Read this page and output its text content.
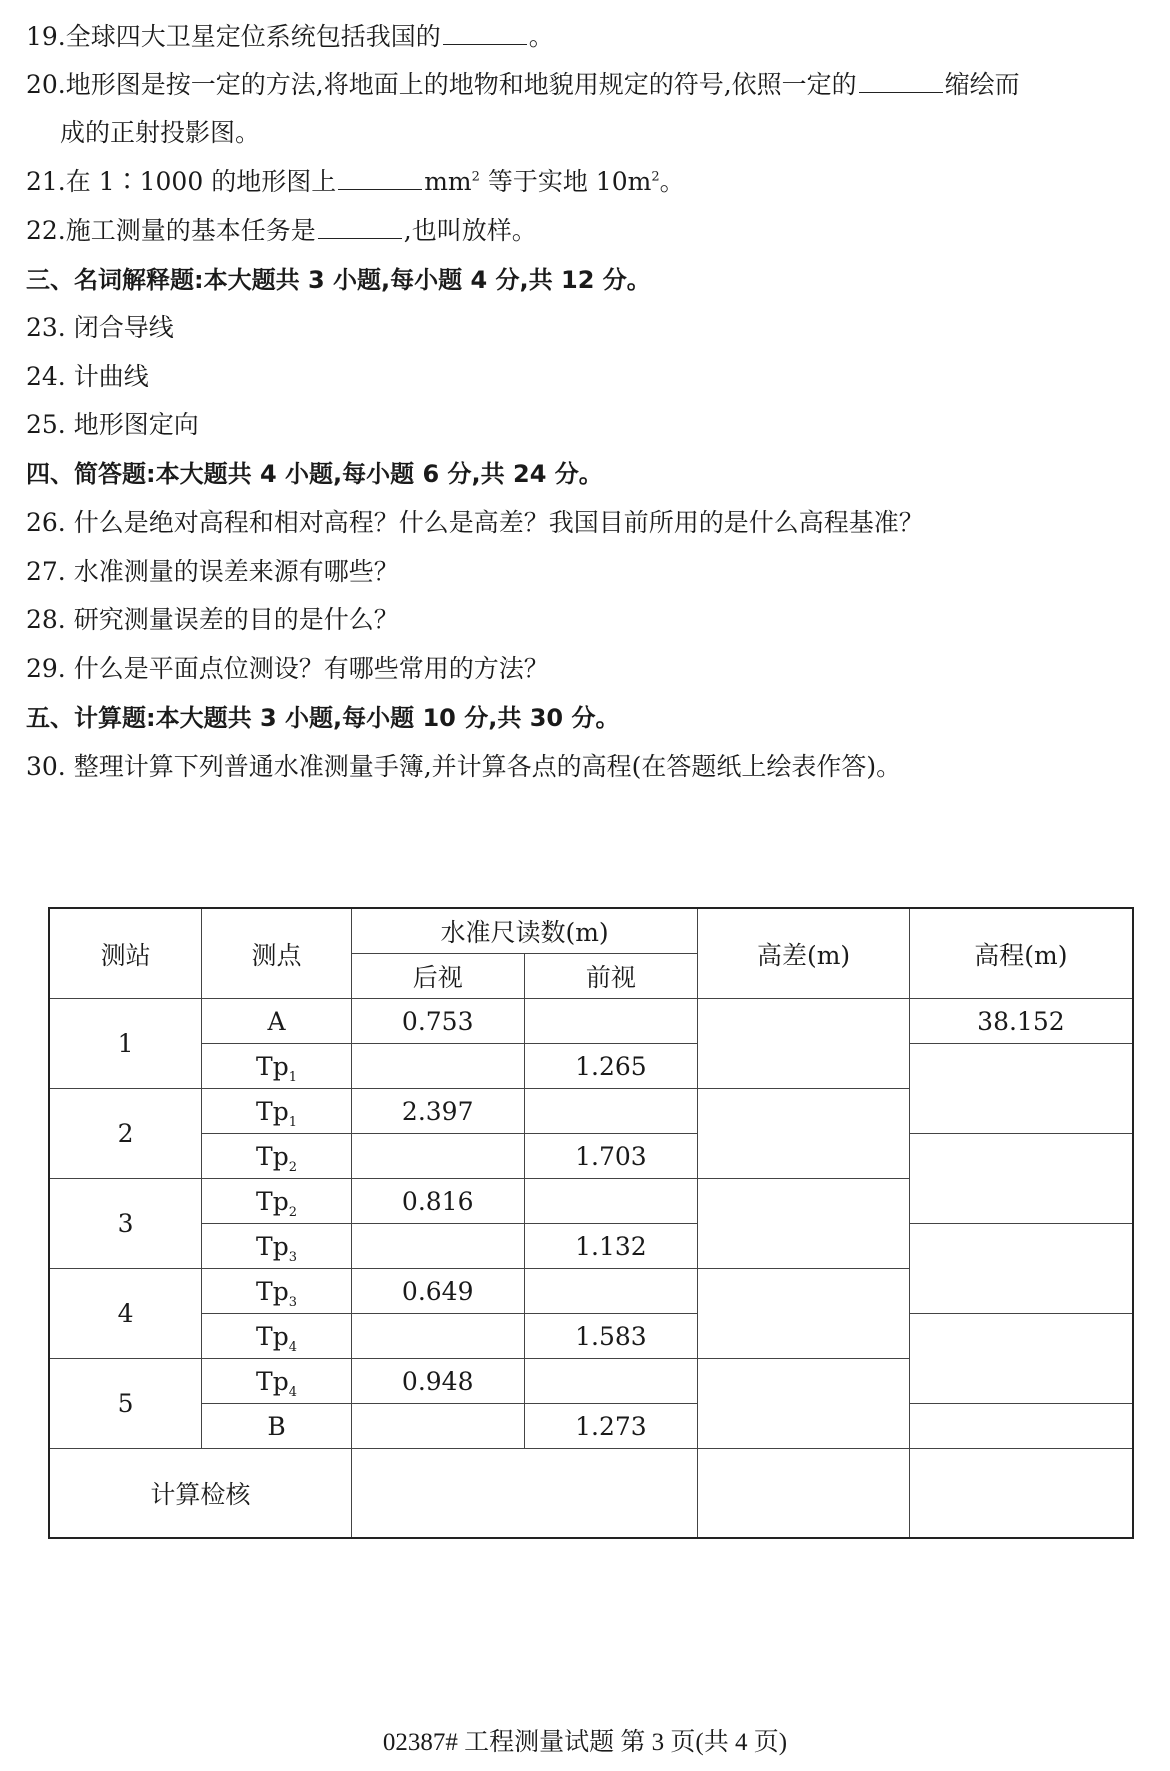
19.全球四大卫星定位系统包括我国的	。
20.地形图是按一定的方法,将地面上的地物和地貌用规定的符号,依照一定的	缩绘而
成的正射投影图。
21.在 1∶1000 的地形图上	$mm^2$ 等于实地 $10m^2$。
22.施工测量的基本任务是	,也叫放样。
三、名词解释题:本大题共 3 小题,每小题 4 分,共 12 分。
23. 闭合导线
24. 计曲线
25. 地形图定向
四、简答题:本大题共 4 小题,每小题 6 分,共 24 分。
26. 什么是绝对高程和相对高程？什么是高差？我国目前所用的是什么高程基准？
27. 水准测量的误差来源有哪些？
28. 研究测量误差的目的是什么？
29. 什么是平面点位测设？有哪些常用的方法？
五、计算题:本大题共 3 小题,每小题 10 分,共 30 分。
30. 整理计算下列普通水准测量手簿,并计算各点的高程(在答题纸上绘表作答)。
测站	测点	水准尺读数(m)		高差(m)	高程(m)
		后视	前视		
1	A	0.753			38.152
	$Tp_1$		1.265		
2	$Tp_1$	2.397			
	$Tp_2$		1.703		
3	$Tp_2$	0.816			
	$Tp_3$		1.132		
4	$Tp_3$	0.649			
	$Tp_4$		1.583		
5	$Tp_4$	0.948			
	B		1.273		
计算检核					
02387# 工程测量试题 第 3 页(共 4 页)
